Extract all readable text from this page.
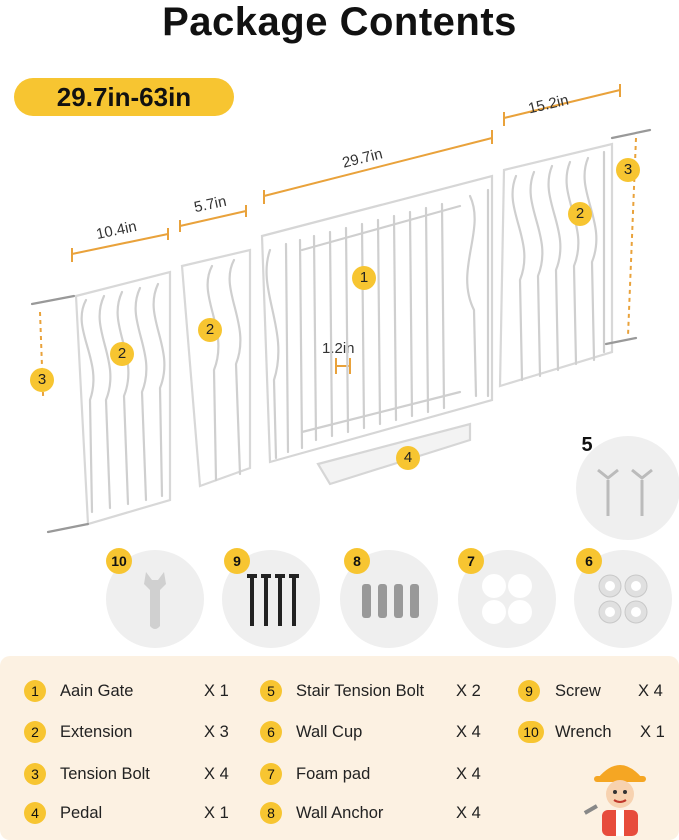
Package Contents
29.7in-63in	15.2in
29.7in
10.4in
5.7in
1.2in
1
2
2
2
3
3
4
5
10	9	8	7	6
1	Aain Gate	X 1
2	Extension	X 3
3	Tension Bolt	X 4
4	Pedal	X 1
5	Stair Tension Bolt X 2
6	Wall Cup	X 4
7	Foam pad	X 4
8	Wall Anchor	X 4
9	Screw X 4
10 Wrench X 1
